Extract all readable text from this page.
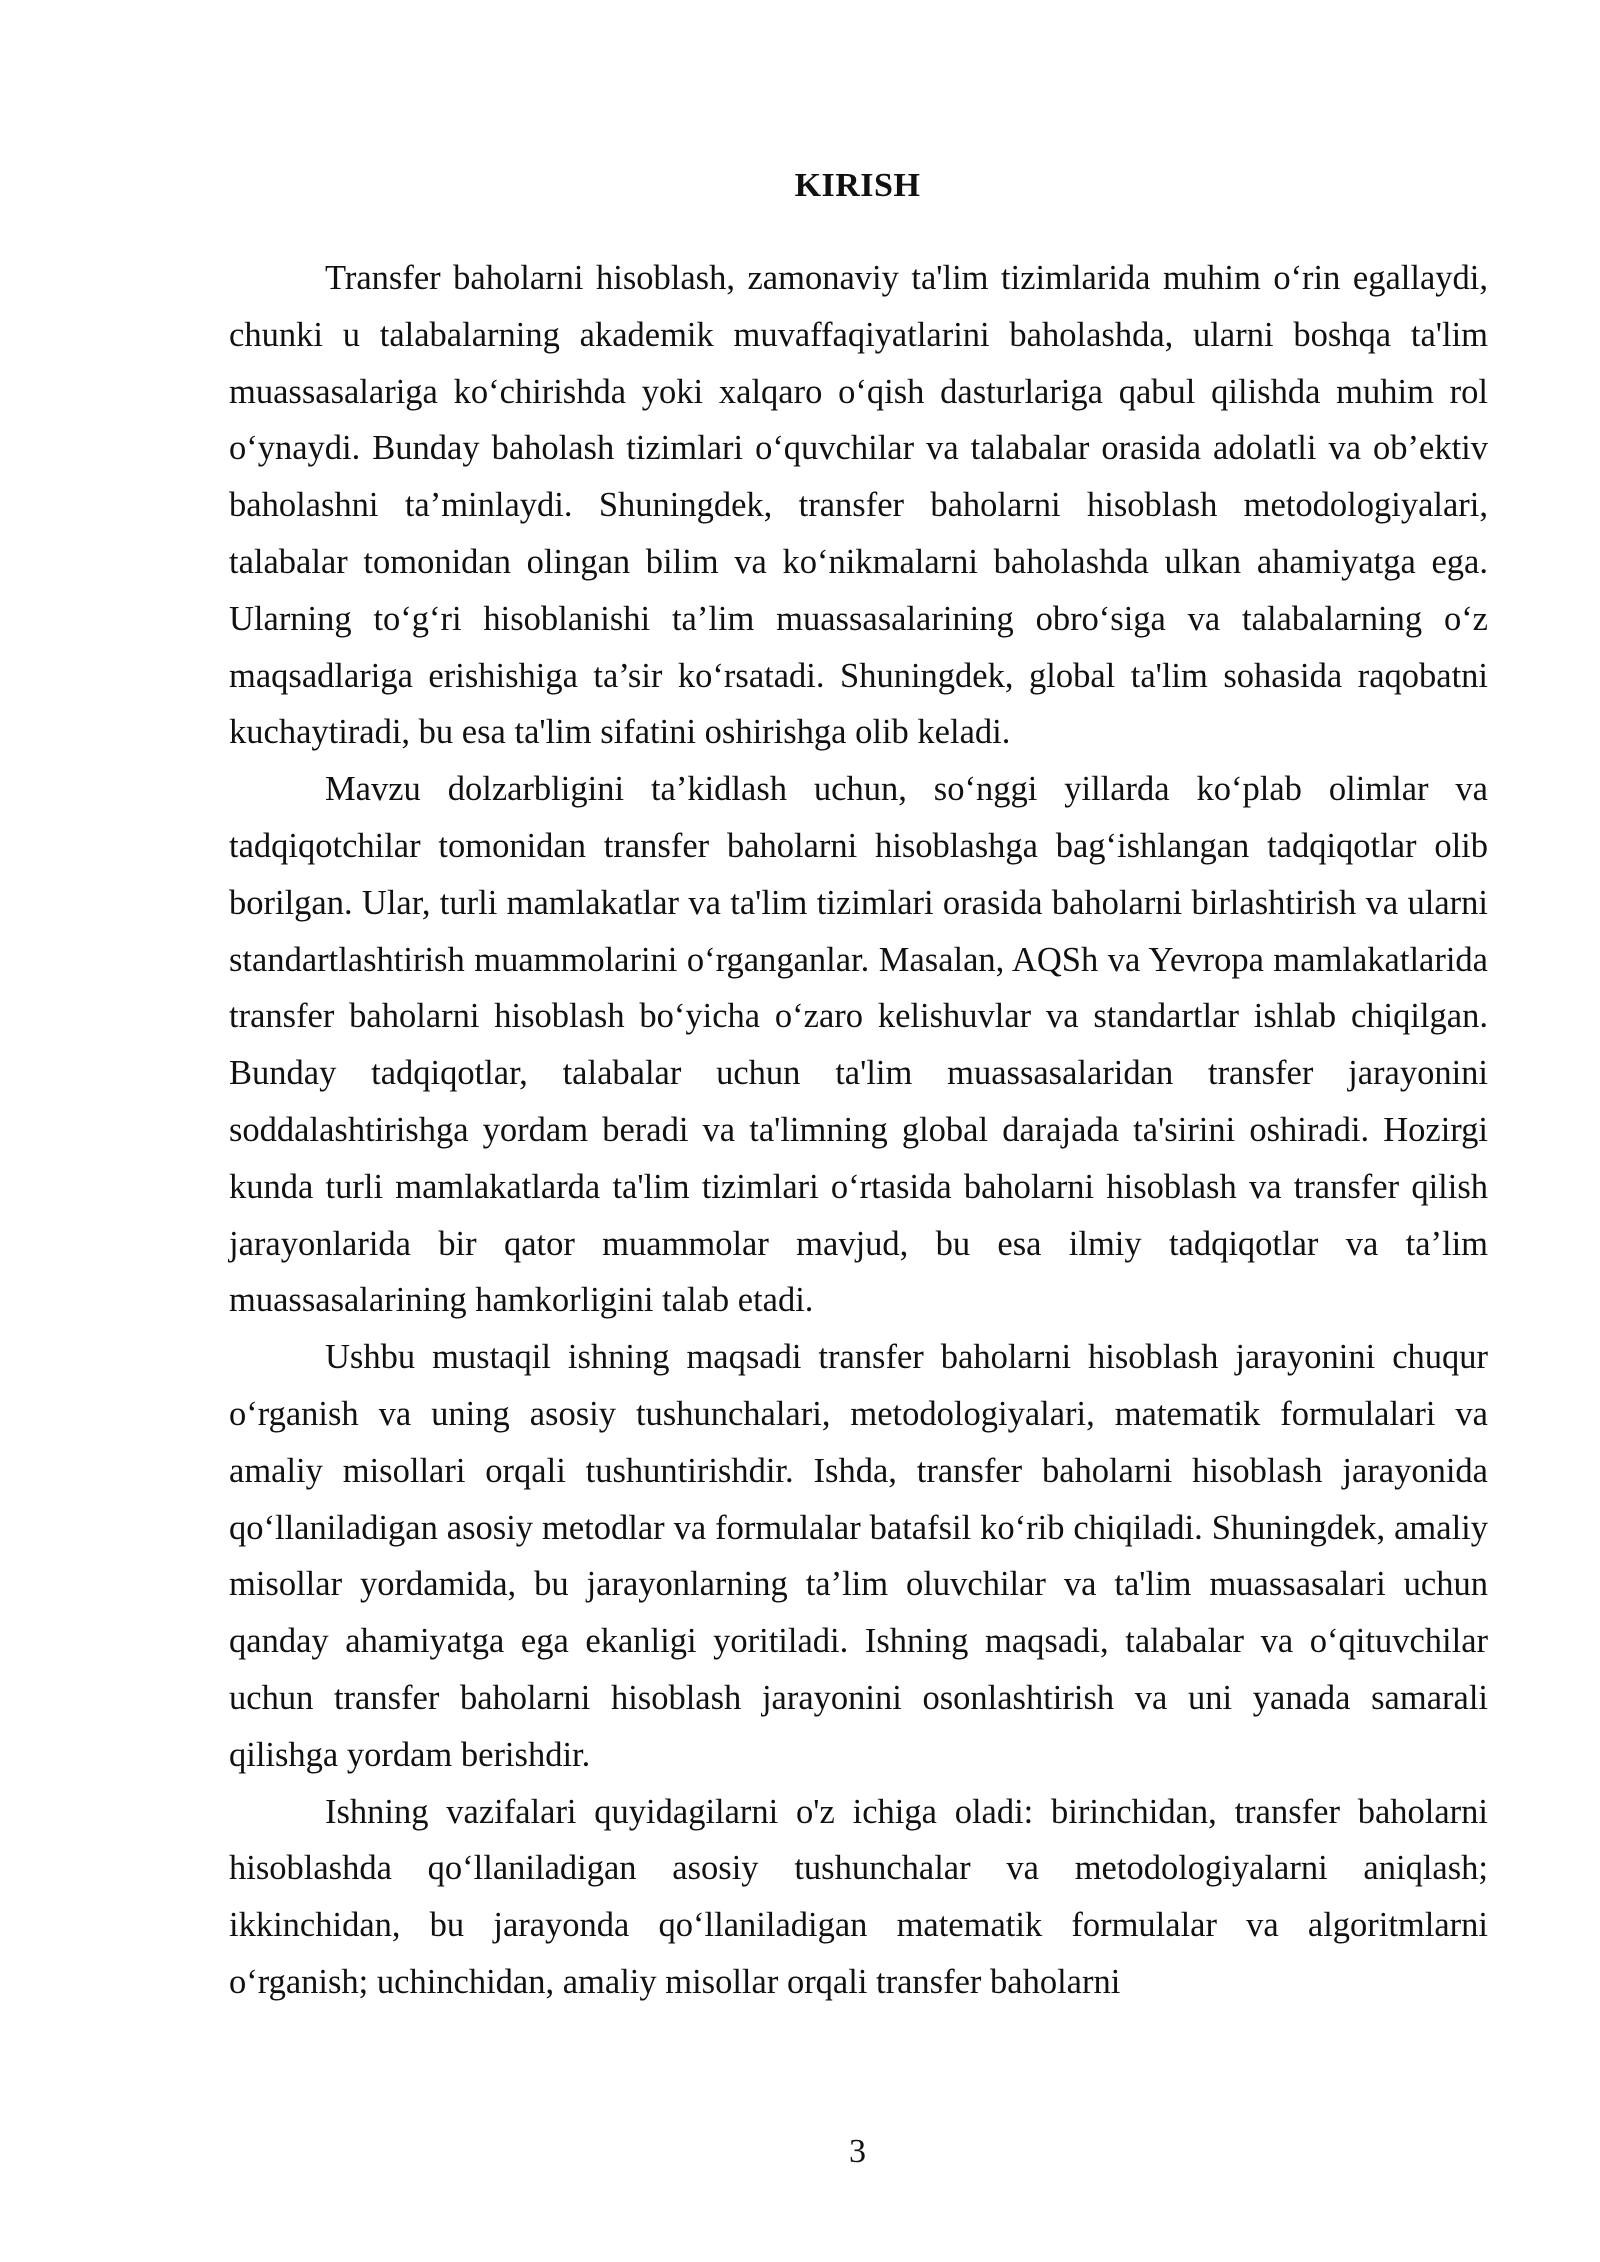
KIRISH

Transfer baholarni hisoblash, zamonaviy ta'lim tizimlarida muhim o‘rin egallaydi, chunki u talabalarning akademik muvaffaqiyatlarini baholashda, ularni boshqa ta'lim muassasalariga ko‘chirishda yoki xalqaro o‘qish dasturlariga qabul qilishda muhim rol o‘ynaydi. Bunday baholash tizimlari o‘quvchilar va talabalar orasida adolatli va ob’ektiv baholashni ta’minlaydi. Shuningdek, transfer baholarni hisoblash metodologiyalari, talabalar tomonidan olingan bilim va ko‘nikmalarni baholashda ulkan ahamiyatga ega. Ularning to‘g‘ri hisoblanishi ta’lim muassasalarining obro‘siga va talabalarning o‘z maqsadlariga erishishiga ta’sir ko‘rsatadi. Shuningdek, global ta'lim sohasida raqobatni kuchaytiradi, bu esa ta'lim sifatini oshirishga olib keladi.

Mavzu dolzarbligini ta’kidlash uchun, so‘nggi yillarda ko‘plab olimlar va tadqiqotchilar tomonidan transfer baholarni hisoblashga bag‘ishlangan tadqiqotlar olib borilgan. Ular, turli mamlakatlar va ta'lim tizimlari orasida baholarni birlashtirish va ularni standartlashtirish muammolarini o‘rganganlar. Masalan, AQSh va Yevropa mamlakatlarida transfer baholarni hisoblash bo‘yicha o‘zaro kelishuvlar va standartlar ishlab chiqilgan. Bunday tadqiqotlar, talabalar uchun ta'lim muassasalaridan transfer jarayonini soddalashtirishga yordam beradi va ta'limning global darajada ta'sirini oshiradi. Hozirgi kunda turli mamlakatlarda ta'lim tizimlari o‘rtasida baholarni hisoblash va transfer qilish jarayonlarida bir qator muammolar mavjud, bu esa ilmiy tadqiqotlar va ta’lim muassasalarining hamkorligini talab etadi.

Ushbu mustaqil ishning maqsadi transfer baholarni hisoblash jarayonini chuqur o‘rganish va uning asosiy tushunchalari, metodologiyalari, matematik formulalari va amaliy misollari orqali tushuntirishdir. Ishda, transfer baholarni hisoblash jarayonida qo‘llaniladigan asosiy metodlar va formulalar batafsil ko‘rib chiqiladi. Shuningdek, amaliy misollar yordamida, bu jarayonlarning ta’lim oluvchilar va ta'lim muassasalari uchun qanday ahamiyatga ega ekanligi yoritiladi. Ishning maqsadi, talabalar va o‘qituvchilar uchun transfer baholarni hisoblash jarayonini osonlashtirish va uni yanada samarali qilishga yordam berishdir.

Ishning vazifalari quyidagilarni o'z ichiga oladi: birinchidan, transfer baholarni hisoblashda qo‘llaniladigan asosiy tushunchalar va metodologiyalarni aniqlash; ikkinchidan, bu jarayonda qo‘llaniladigan matematik formulalar va algoritmlarni o‘rganish; uchinchidan, amaliy misollar orqali transfer baholarni

3
